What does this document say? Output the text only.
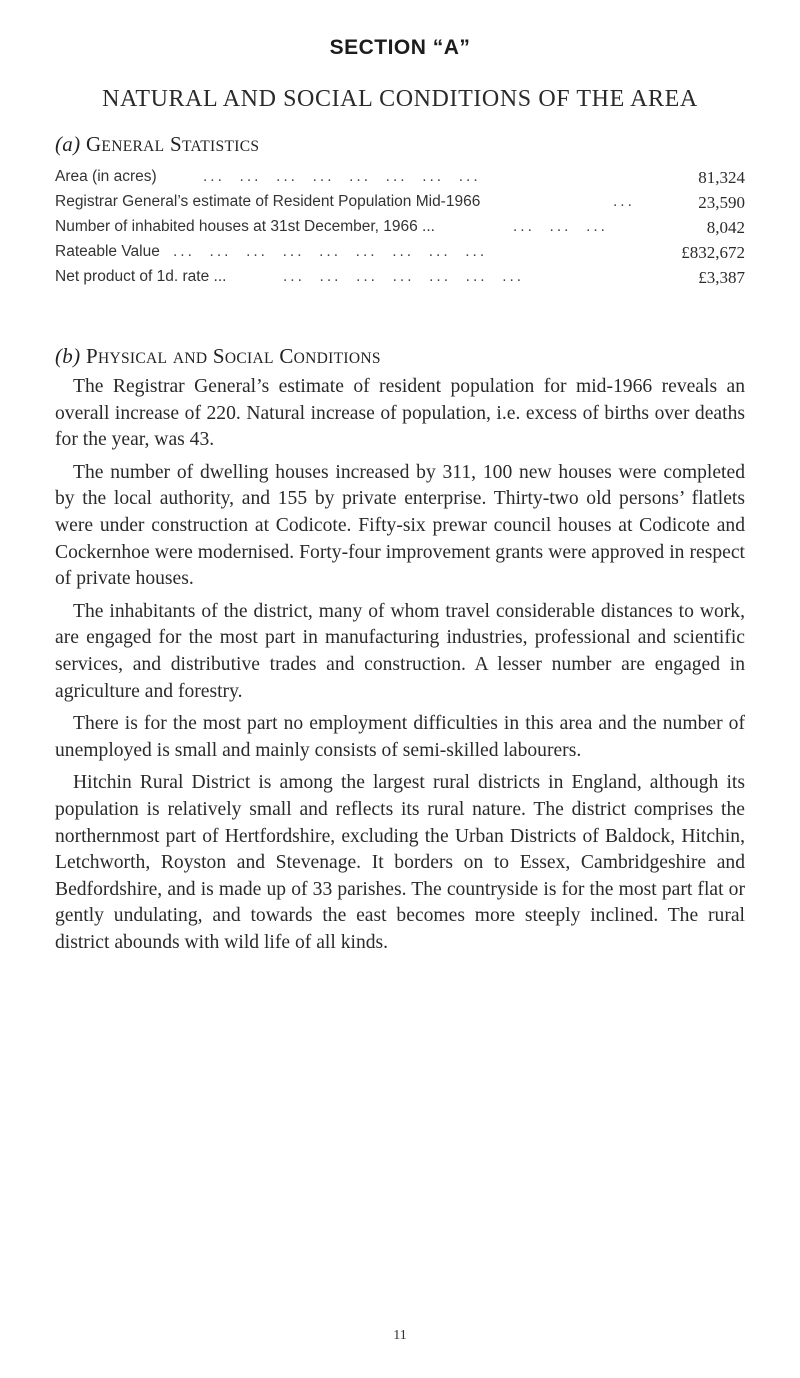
SECTION “A”
NATURAL AND SOCIAL CONDITIONS OF THE AREA
(a) GENERAL STATISTICS
Area (in acres)	...  ...  ...  ...  ...  ...  ...  ...	81,324
Registrar General’s estimate of Resident Population Mid-1966	...	23,590
Number of inhabited houses at 31st December, 1966 ...	...  ...  ...	8,042
Rateable Value ...  ...  ...  ...  ...  ...  ...  ...  ...	£832,672
Net product of 1d. rate ...	...  ...  ...  ...  ...  ...  ...	£3,387
(b) PHYSICAL AND SOCIAL CONDITIONS

The Registrar General’s estimate of resident population for mid-1966 reveals an overall increase of 220. Natural increase of population, i.e. excess of births over deaths for the year, was 43.

The number of dwelling houses increased by 311, 100 new houses were completed by the local authority, and 155 by private enterprise. Thirty-two old persons’ flatlets were under construction at Codicote. Fifty-six prewar council houses at Codicote and Cockernhoe were modernised. Forty-four improvement grants were approved in respect of private houses.

The inhabitants of the district, many of whom travel considerable distances to work, are engaged for the most part in manufacturing industries, professional and scientific services, and distributive trades and construction. A lesser number are engaged in agriculture and forestry.

There is for the most part no employment difficulties in this area and the number of unemployed is small and mainly consists of semi-skilled labourers.

Hitchin Rural District is among the largest rural districts in England, although its population is relatively small and reflects its rural nature. The district comprises the northernmost part of Hertfordshire, excluding the Urban Districts of Baldock, Hitchin, Letchworth, Royston and Stevenage. It borders on to Essex, Cambridgeshire and Bedfordshire, and is made up of 33 parishes. The countryside is for the most part flat or gently undulating, and towards the east becomes more steeply inclined. The rural district abounds with wild life of all kinds.

11
